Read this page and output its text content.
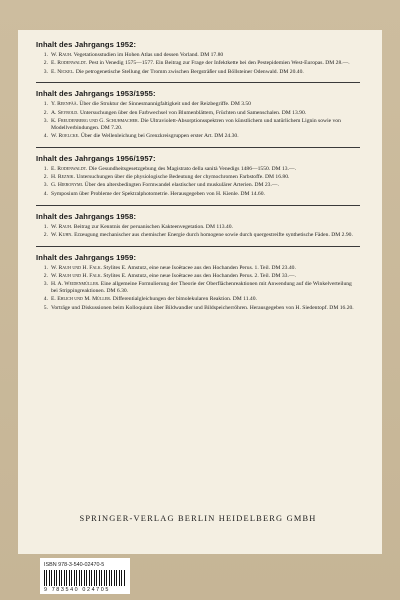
Inhalt des Jahrgangs 1952:
1. W. Rauh. Vegetationsstudien im Hohen Atlas und dessen Vorland. DM 17.80
2. E. Rodenwaldt. Pest in Venedig 1575—1577. Ein Beitrag zur Frage der Infektkette bei den Pestepidemien West-Europas. DM 28.—.
3. E. Nickel. Die petrogenetische Stellung der Tromm zwischen Bergsträßer und Böllsteiner Odenwald. DM 20.40.
Inhalt des Jahrgangs 1953/1955:
1. Y. Reenpää. Über die Struktur der Sinnesmannigfaltigkeit und der Reizbegriffe. DM 3.50
2. A. Seybold. Untersuchungen über den Farbwechsel von Blumenblättern, Früchten und Samenschalen. DM 13.90.
3. K. Freudenberg und G. Schuhmacher. Die Ultraviolett-Absorptionsspektren von künstlichem und natürlichem Lignin sowie von Modellverbindungen. DM 7.20.
4. W. Roelcke. Über die Wellenleichung bei Grenzkreisgruppen erster Art. DM 24.30.
Inhalt des Jahrgangs 1956/1957:
1. E. Rodenwaldt. Die Gesundheitsgesetzgebung des Magistrato della sanità Venedigs 1486—1550. DM 13.—.
2. H. Reznik. Untersuchungen über die physiologische Bedeutung der chymochromen Farbstoffe. DM 16.80.
3. G. Hieronymi. Über den altersbedingten Formwandel elastischer und muskulärer Arterien. DM 23.—.
4. Symposium über Probleme der Spektralphotometrie. Herausgegeben von H. Kienle. DM 14.60.
Inhalt des Jahrgangs 1958:
1. W. Rauh. Beitrag zur Kenntnis der peruanischen Kakteenvegetation. DM 113.40.
2. W. Kuhn. Erzeugung mechanischer aus chemischer Energie durch homogene sowie durch quergestreifte synthetische Fäden. DM 2.90.
Inhalt des Jahrgangs 1959:
1. W. Rauh und H. Falk. Stylites E. Amstutz, eine neue Isoëtacee aus den Hochanden Perus. 1. Teil. DM 23.40.
2. W. Rauh und H. Falk. Stylites E. Amstutz, eine neue Isoëtacee aus den Hochanden Perus. 2. Teil. DM 33.—.
3. H. A. Weidenmüller. Eine allgemeine Formulierung der Theorie der Oberflächenreaktionen mit Anwendung auf die Winkelverteilung bei Strippingreaktionen. DM 6.30.
4. E. Ehlich und M. Müller. Differentialgleichungen der bimolekularen Reaktion. DM 11.40.
5. Vorträge und Diskussionen beim Kolloquium über Bildwandler und Bildspeicherröhren. Herausgegeben von H. Siedentopf. DM 16.20.
SPRINGER-VERLAG BERLIN HEIDELBERG GMBH
ISBN 978-3-540-02470-5
9 783540 024705
